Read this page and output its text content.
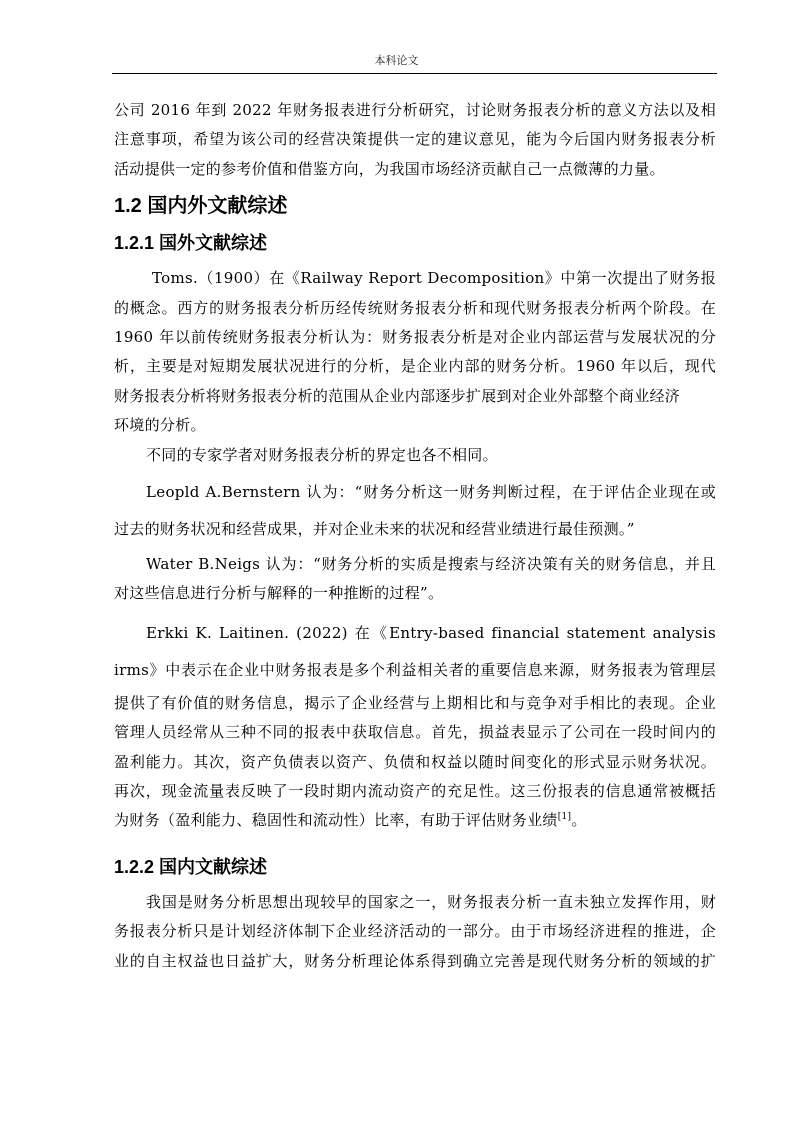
本科论文
公司 2016 年到 2022 年财务报表进行分析研究，讨论财务报表分析的意义方法以及相
注意事项，希望为该公司的经营决策提供一定的建议意见，能为今后国内财务报表分析
活动提供一定的参考价值和借鉴方向，为我国市场经济贡献自己一点微薄的力量。
1.2 国内外文献综述
1.2.1 国外文献综述
Toms.（1900）在《Railway Report Decomposition》中第一次提出了财务报
的概念。西方的财务报表分析历经传统财务报表分析和现代财务报表分析两个阶段。在
1960 年以前传统财务报表分析认为：财务报表分析是对企业内部运营与发展状况的分
析，主要是对短期发展状况进行的分析，是企业内部的财务分析。1960 年以后，现代
财务报表分析将财务报表分析的范围从企业内部逐步扩展到对企业外部整个商业经济
环境的分析。
不同的专家学者对财务报表分析的界定也各不相同。
Leopld A.Bernstern 认为：“财务分析这一财务判断过程，在于评估企业现在或
过去的财务状况和经营成果，并对企业未来的状况和经营业绩进行最佳预测。”
Water B.Neigs 认为：“财务分析的实质是搜索与经济决策有关的财务信息，并且
对这些信息进行分析与解释的一种推断的过程”。
Erkki K. Laitinen. (2022) 在《Entry-based financial statement analysis
irms》中表示在企业中财务报表是多个利益相关者的重要信息来源，财务报表为管理层
提供了有价值的财务信息，揭示了企业经营与上期相比和与竞争对手相比的表现。企业
管理人员经常从三种不同的报表中获取信息。首先，损益表显示了公司在一段时间内的
盈利能力。其次，资产负债表以资产、负债和权益以随时间变化的形式显示财务状况。
再次，现金流量表反映了一段时期内流动资产的充足性。这三份报表的信息通常被概括
为财务（盈利能力、稳固性和流动性）比率，有助于评估财务业绩[1]。
1.2.2 国内文献综述
我国是财务分析思想出现较早的国家之一，财务报表分析一直未独立发挥作用，财
务报表分析只是计划经济体制下企业经济活动的一部分。由于市场经济进程的推进，企
业的自主权益也日益扩大，财务分析理论体系得到确立完善是现代财务分析的领域的扩
